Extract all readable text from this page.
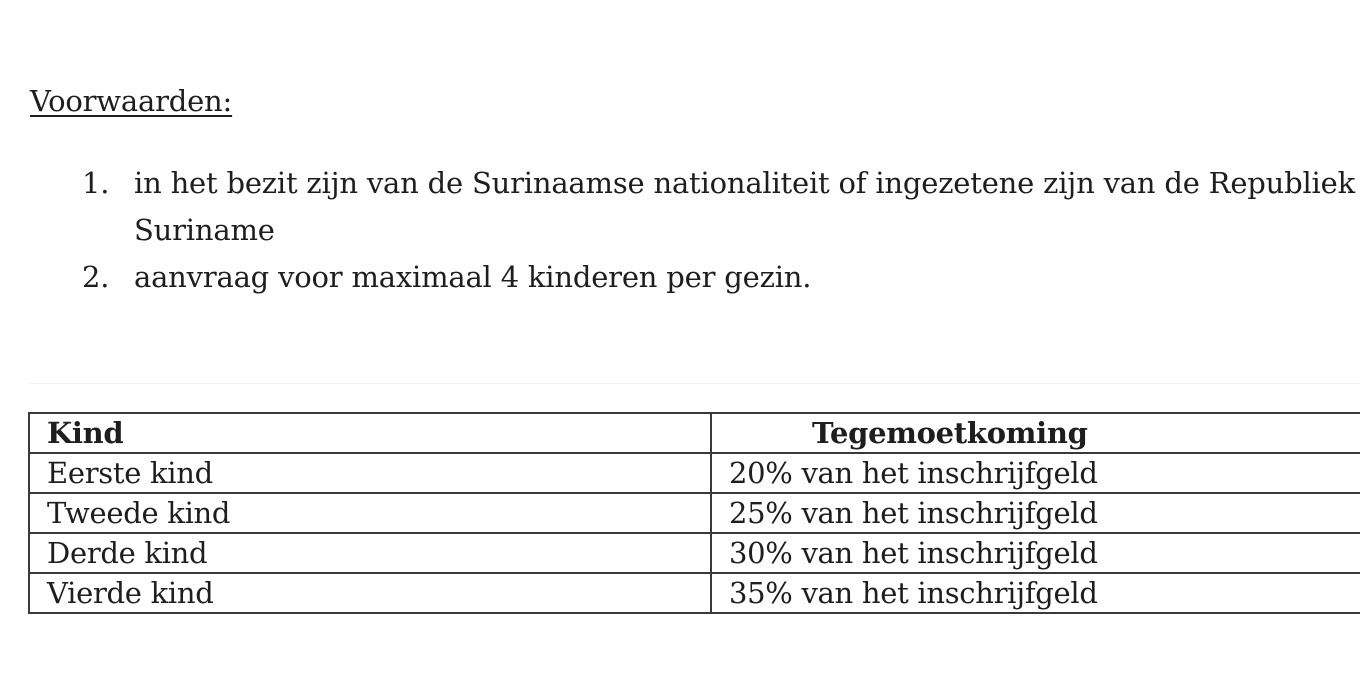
Voorwaarden:
1. in het bezit zijn van de Surinaamse nationaliteit of ingezetene zijn van de Republiek
Suriname
2. aanvraag voor maximaal 4 kinderen per gezin.
Kind	Tegemoetkoming
Eerste kind	20% van het inschrijfgeld
Tweede kind	25% van het inschrijfgeld
Derde kind	30% van het inschrijfgeld
Vierde kind	35% van het inschrijfgeld
